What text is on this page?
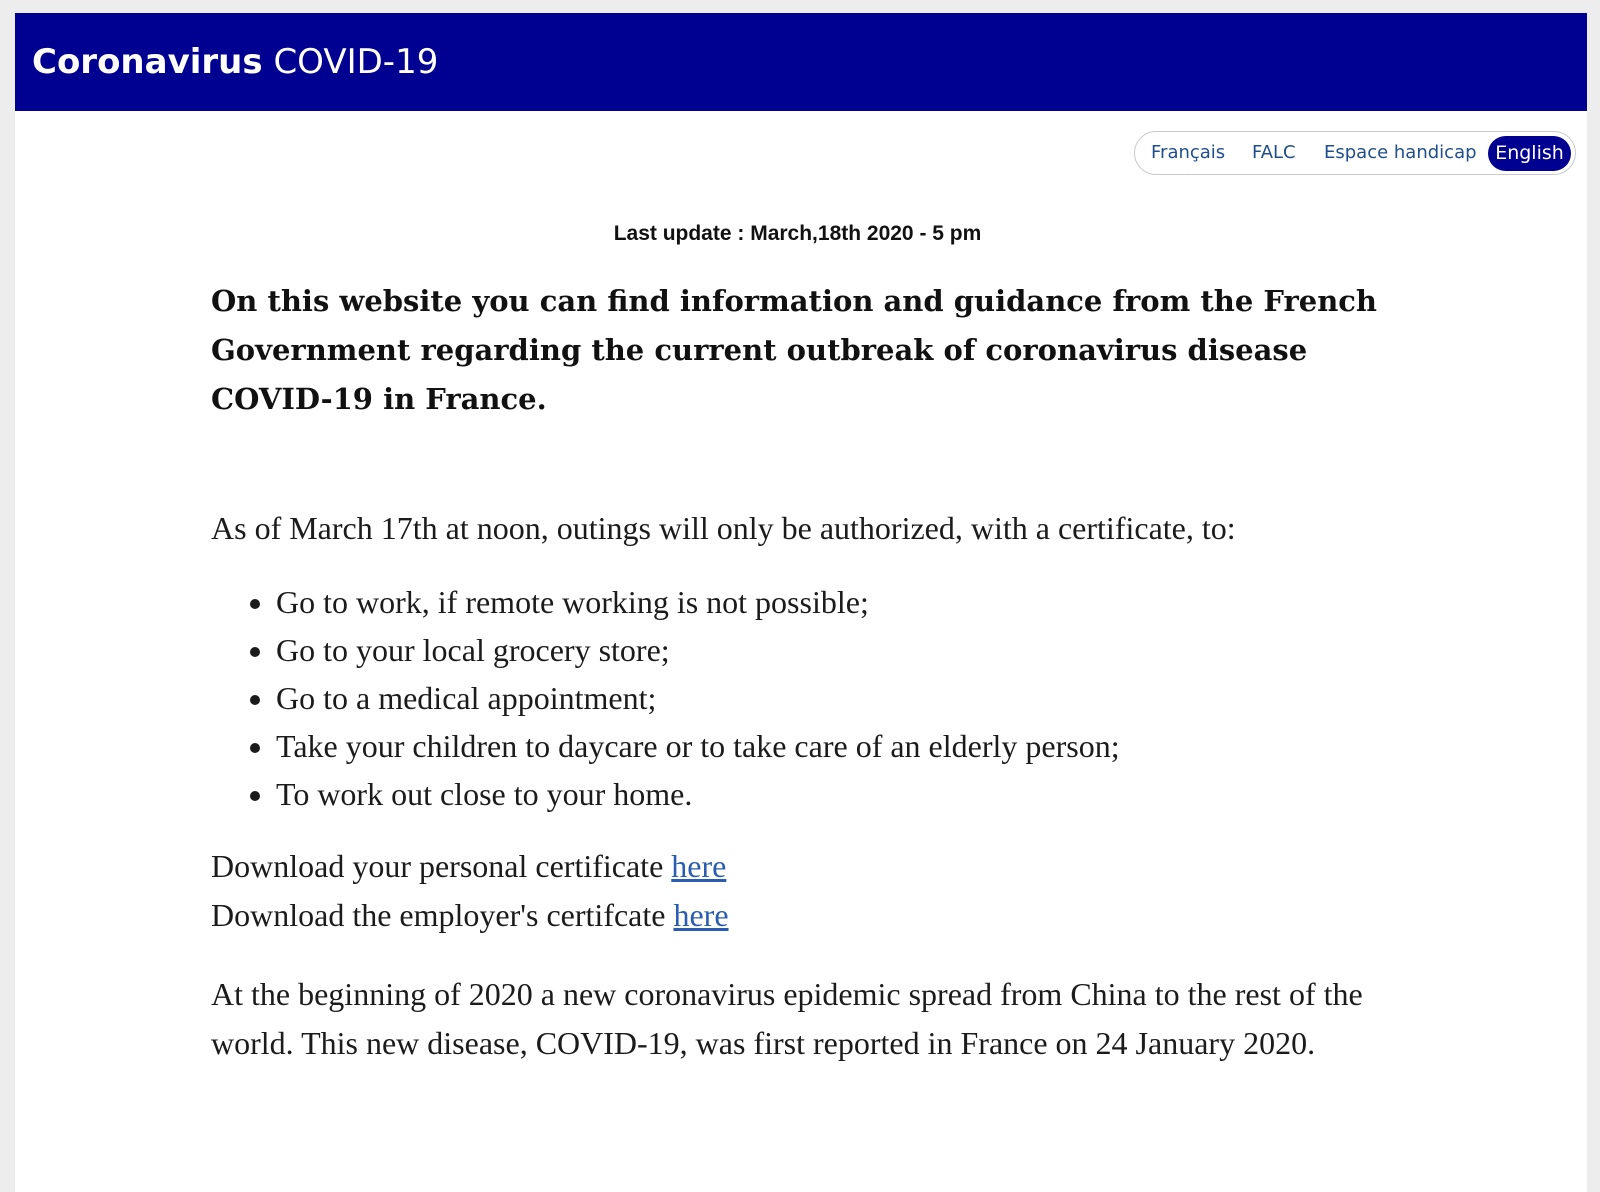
Coronavirus COVID-19
Français FALC Espace handicap English
Last update : March,18th 2020 - 5 pm

On this website you can find information and guidance from the French Government regarding the current outbreak of coronavirus disease COVID-19 in France.

As of March 17th at noon, outings will only be authorized, with a certificate, to:

• Go to work, if remote working is not possible;
• Go to your local grocery store;
• Go to a medical appointment;
• Take your children to daycare or to take care of an elderly person;
• To work out close to your home.
Download your personal certificate here
Download the employer's certifcate here

At the beginning of 2020 a new coronavirus epidemic spread from China to the rest of the world. This new disease, COVID-19, was first reported in France on 24 January 2020.
